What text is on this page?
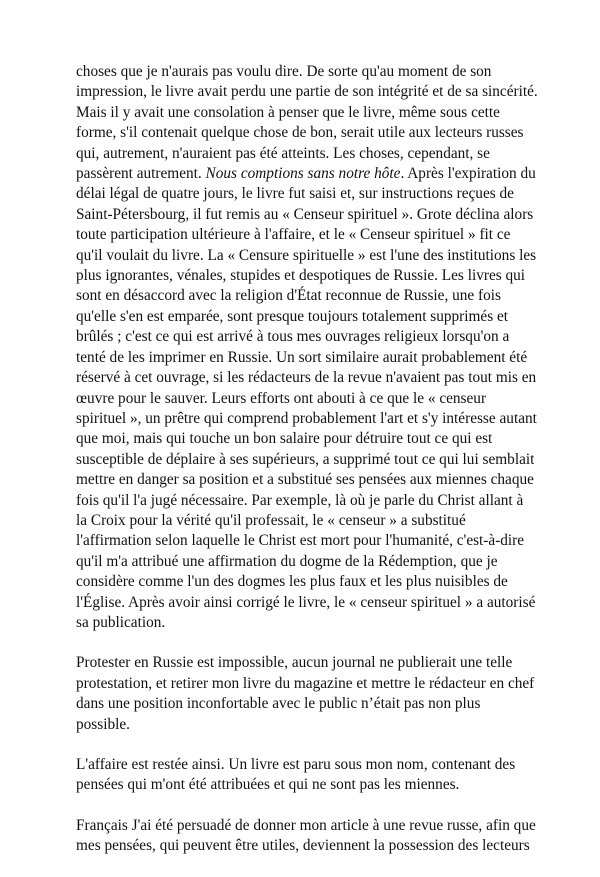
choses que je n'aurais pas voulu dire. De sorte qu'au moment de son impression, le livre avait perdu une partie de son intégrité et de sa sincérité. Mais il y avait une consolation à penser que le livre, même sous cette forme, s'il contenait quelque chose de bon, serait utile aux lecteurs russes qui, autrement, n'auraient pas été atteints. Les choses, cependant, se passèrent autrement. Nous comptions sans notre hôte. Après l'expiration du délai légal de quatre jours, le livre fut saisi et, sur instructions reçues de Saint-Pétersbourg, il fut remis au « Censeur spirituel ». Grote déclina alors toute participation ultérieure à l'affaire, et le « Censeur spirituel » fit ce qu'il voulait du livre. La « Censure spirituelle » est l'une des institutions les plus ignorantes, vénales, stupides et despotiques de Russie. Les livres qui sont en désaccord avec la religion d'État reconnue de Russie, une fois qu'elle s'en est emparée, sont presque toujours totalement supprimés et brûlés ; c'est ce qui est arrivé à tous mes ouvrages religieux lorsqu'on a tenté de les imprimer en Russie. Un sort similaire aurait probablement été réservé à cet ouvrage, si les rédacteurs de la revue n'avaient pas tout mis en œuvre pour le sauver. Leurs efforts ont abouti à ce que le « censeur spirituel », un prêtre qui comprend probablement l'art et s'y intéresse autant que moi, mais qui touche un bon salaire pour détruire tout ce qui est susceptible de déplaire à ses supérieurs, a supprimé tout ce qui lui semblait mettre en danger sa position et a substitué ses pensées aux miennes chaque fois qu'il l'a jugé nécessaire. Par exemple, là où je parle du Christ allant à la Croix pour la vérité qu'il professait, le « censeur » a substitué l'affirmation selon laquelle le Christ est mort pour l'humanité, c'est-à-dire qu'il m'a attribué une affirmation du dogme de la Rédemption, que je considère comme l'un des dogmes les plus faux et les plus nuisibles de l'Église. Après avoir ainsi corrigé le livre, le « censeur spirituel » a autorisé sa publication.

Protester en Russie est impossible, aucun journal ne publierait une telle protestation, et retirer mon livre du magazine et mettre le rédacteur en chef dans une position inconfortable avec le public n’était pas non plus possible.

L'affaire est restée ainsi. Un livre est paru sous mon nom, contenant des pensées qui m'ont été attribuées et qui ne sont pas les miennes.

Français J'ai été persuadé de donner mon article à une revue russe, afin que mes pensées, qui peuvent être utiles, deviennent la possession des lecteurs
